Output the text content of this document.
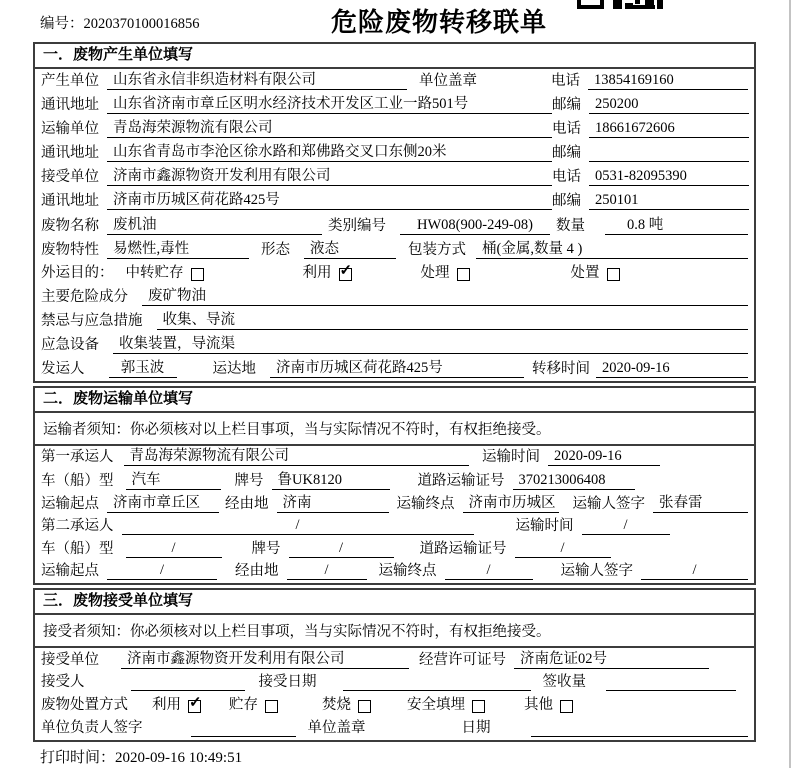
编号：2020370100016856	危险废物转移联单
一．废物产生单位填写
产生单位 山东省永信非织造材料有限公司	单位盖章	电话 13854169160
通讯地址 山东省济南市章丘区明水经济技术开发区工业一路501号	邮编 250200
运输单位 青岛海荣源物流有限公司	电话 18661672606
通讯地址 山东省青岛市李沧区徐水路和郑佛路交叉口东侧20米	邮编
接受单位 济南市鑫源物资开发利用有限公司	电话 0531-82095390
通讯地址 济南市历城区荷花路425号	邮编 250101
废物名称 废机油	类别编号	HW08(900-249-08)	数量	0.8 吨
废物特性 易燃性,毒性	形态	液态	包装方式	桶(金属,数量 4 )
外运目的： 中转贮存	利用 ✓	处理	处置
主要危险成分	废矿物油
禁忌与应急措施	收集、导流
应急设备	收集装置，导流渠
发运人	郭玉波	运达地	济南市历城区荷花路425号	转移时间 2020-09-16
二．废物运输单位填写
运输者须知：你必须核对以上栏目事项，当与实际情况不符时，有权拒绝接受。
第一承运人	青岛海荣源物流有限公司	运输时间 2020-09-16
车（船）型	汽车	牌号 鲁UK8120	道路运输证号 370213006408
运输起点 济南市章丘区	经由地 济南	运输终点 济南市历城区 运输人签字 张春雷
第二承运人	/	运输时间	/
车（船）型	/	牌号	/	道路运输证号	/
运输起点	/	经由地	/	运输终点	/	运输人签字	/
三．废物接受单位填写
接受者须知：你必须核对以上栏目事项，当与实际情况不符时，有权拒绝接受。
接受单位	济南市鑫源物资开发利用有限公司	经营许可证号 济南危证02号
接受人	接受日期	签收量
废物处置方式 利用 ✓ 贮存	焚烧	安全填埋	其他
单位负责人签字	单位盖章	日期
打印时间：2020-09-16 10:49:51
